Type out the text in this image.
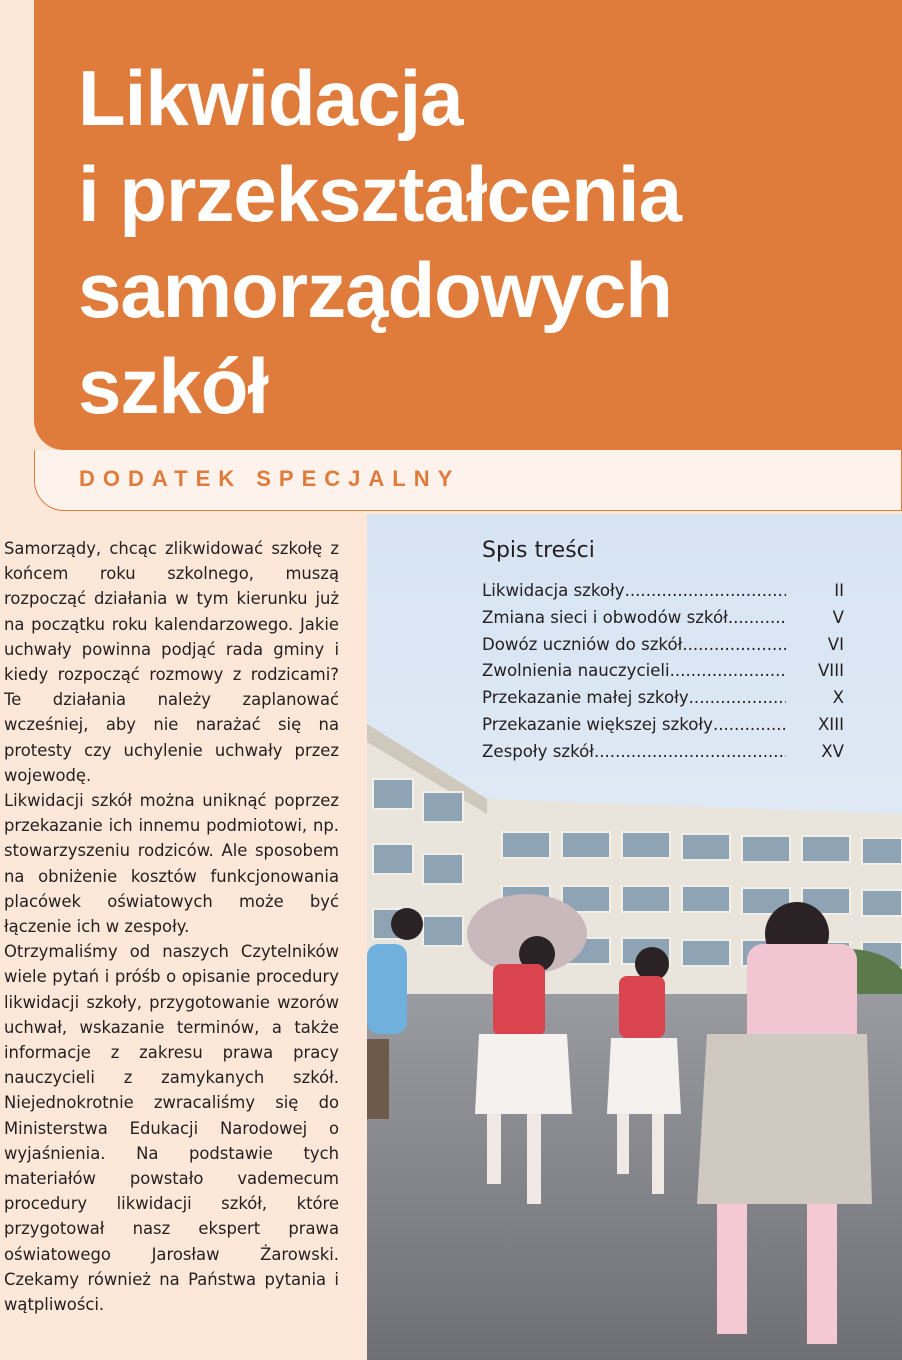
Likwidacja
i przekształcenia
samorządowych
szkół
DODATEK SPECJALNY

Samorządy, chcąc zlikwidować szkołę z końcem roku szkolnego, muszą rozpocząć działania w tym kierunku już na początku roku kalendarzowego. Jakie uchwały powinna podjąć rada gminy i kiedy rozpocząć rozmowy z rodzicami? Te działania należy zaplanować wcześniej, aby nie narażać się na protesty czy uchylenie uchwały przez wojewodę.

Likwidacji szkół można uniknąć poprzez przekazanie ich innemu podmiotowi, np. stowarzyszeniu rodziców. Ale sposobem na obniżenie kosztów funkcjonowania placówek oświatowych może być łączenie ich w zespoły.

Otrzymaliśmy od naszych Czytelników wiele pytań i próśb o opisanie procedury likwidacji szkoły, przygotowanie wzorów uchwał, wskazanie terminów, a także informacje z zakresu prawa pracy nauczycieli z zamykanych szkół. Niejednokrotnie zwracaliśmy się do Ministerstwa Edukacji Narodowej o wyjaśnienia. Na podstawie tych materiałów powstało vademecum procedury likwidacji szkół, które przygotował nasz ekspert prawa oświatowego Jarosław Żarowski. Czekamy również na Państwa pytania i wątpliwości.

Spis treści
Likwidacja szkoły .....	II
Zmiana sieci i obwodów szkół .....	V
Dowóz uczniów do szkół .....	VI
Zwolnienia nauczycieli .....	VIII
Przekazanie małej szkoły .....	X
Przekazanie większej szkoły .....	XIII
Zespoły szkół .....	XV
